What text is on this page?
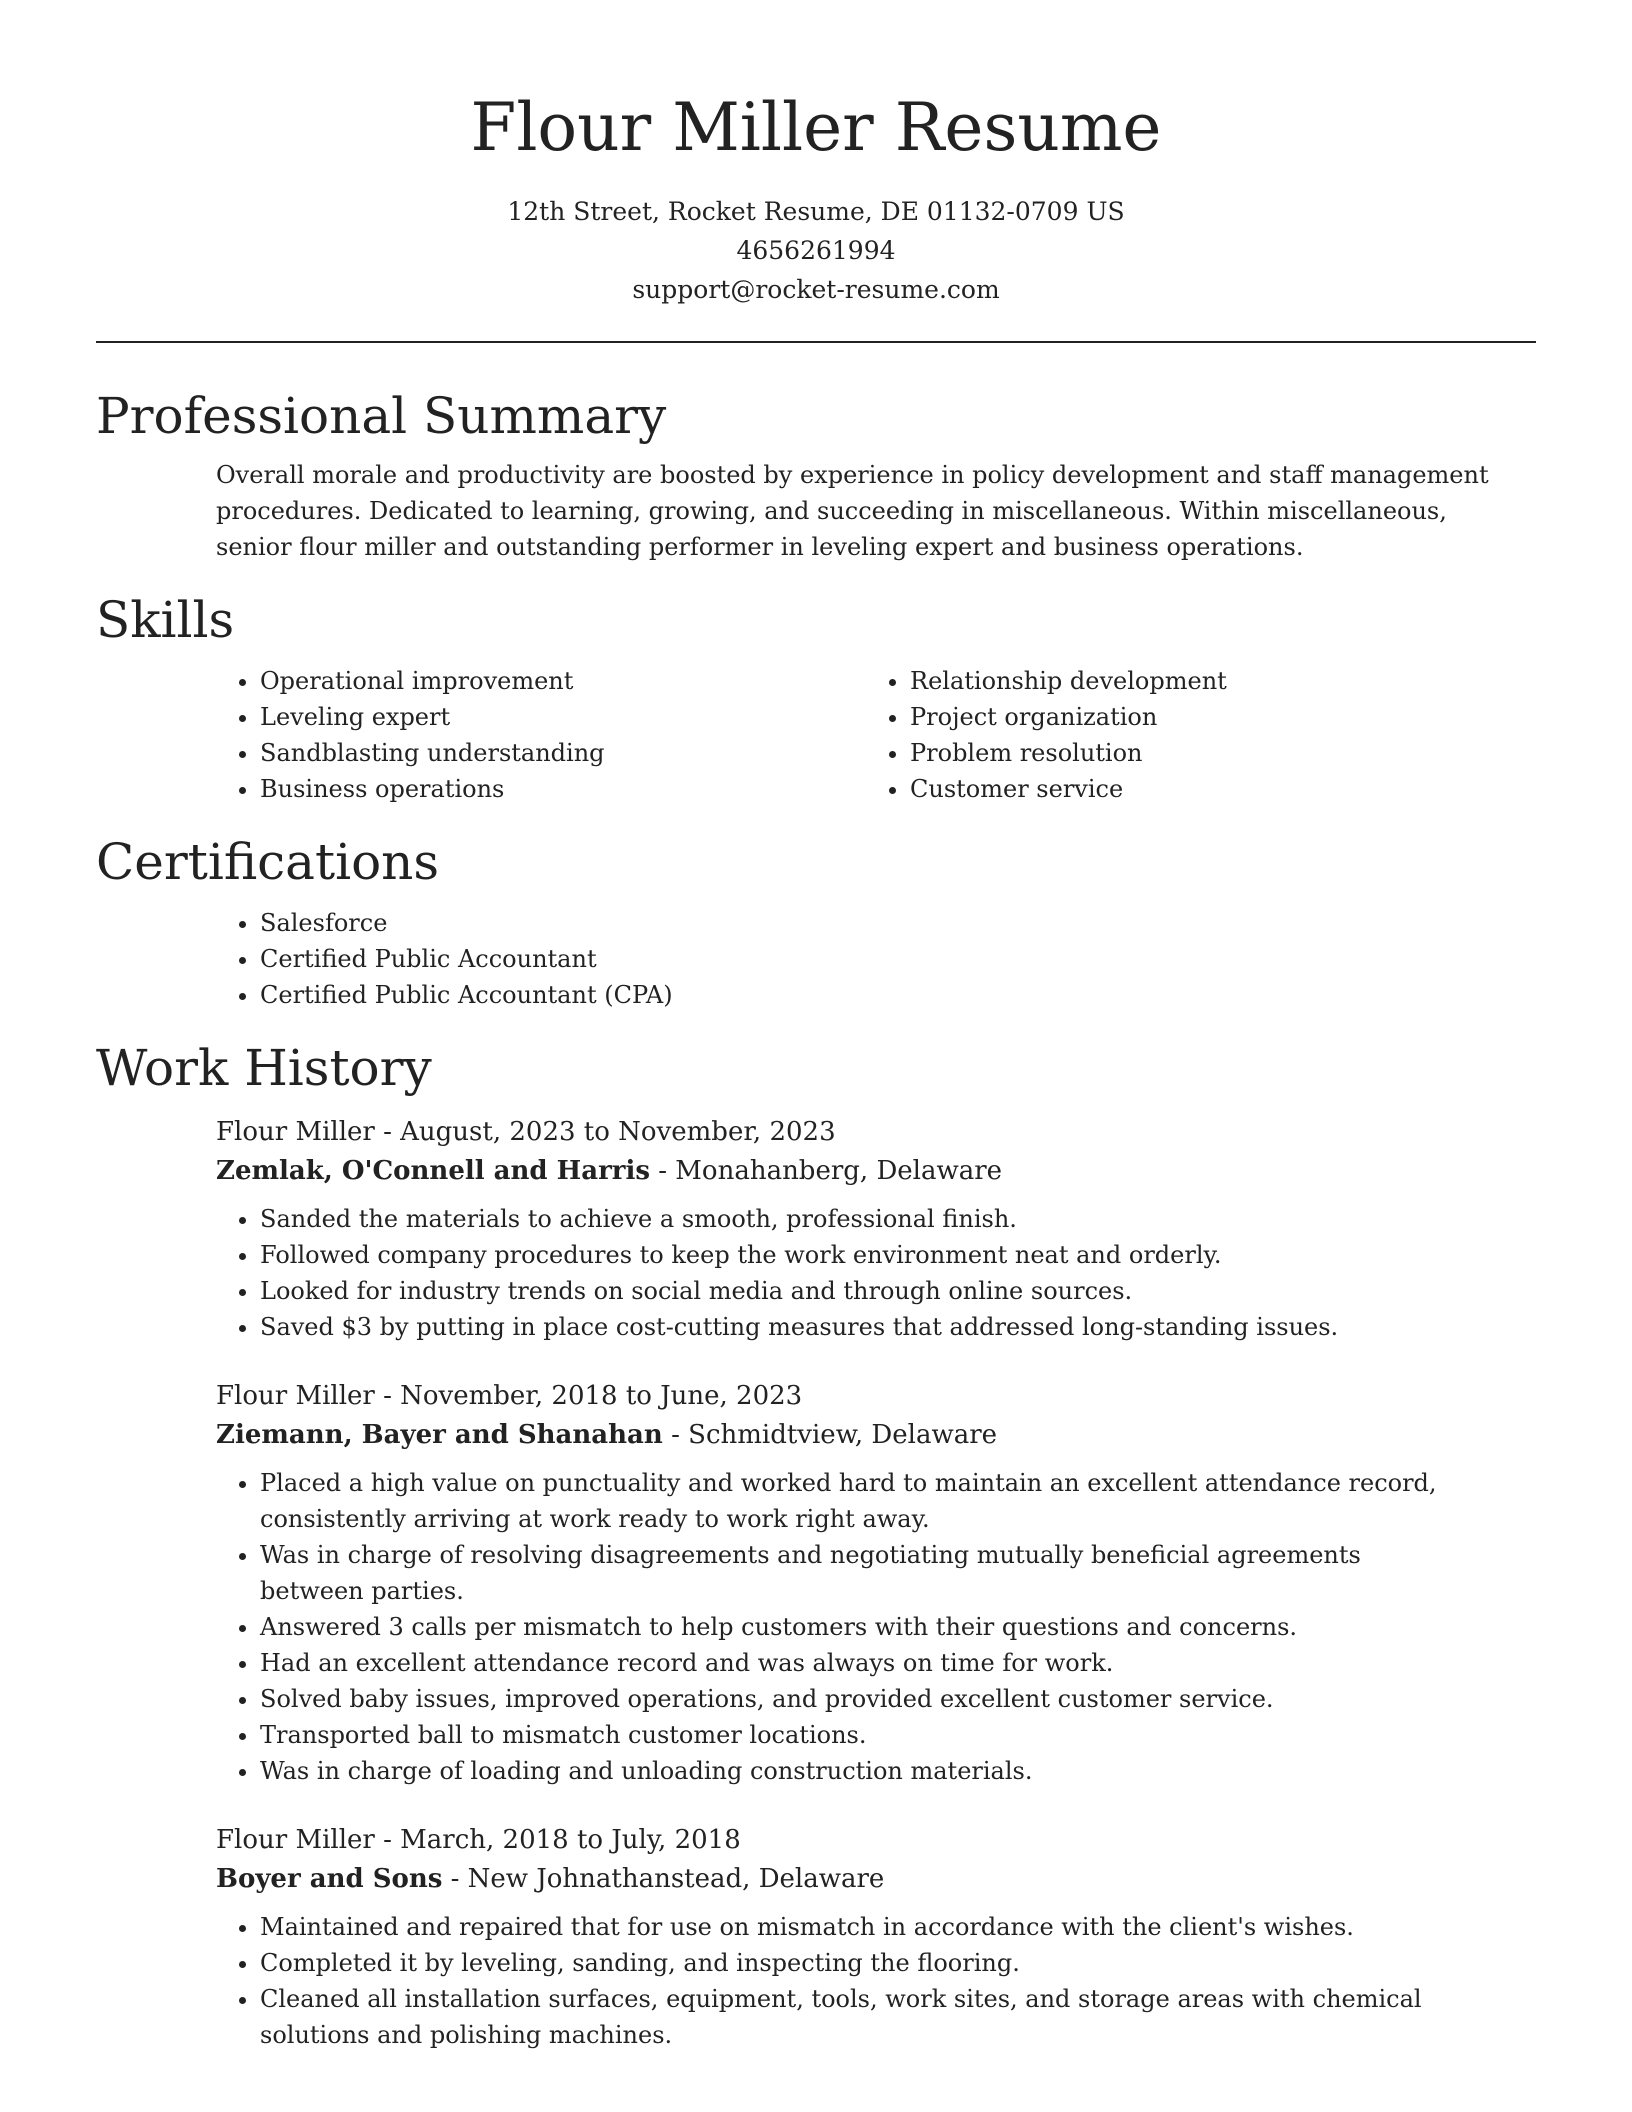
Flour Miller Resume

12th Street, Rocket Resume, DE 01132-0709 US

4656261994

support@rocket-resume.com

Professional Summary

Overall morale and productivity are boosted by experience in policy development and staff management procedures. Dedicated to learning, growing, and succeeding in miscellaneous. Within miscellaneous, senior flour miller and outstanding performer in leveling expert and business operations.

Skills
• Operational improvement
• Leveling expert
• Sandblasting understanding
• Business operations
• Relationship development
• Project organization
• Problem resolution
• Customer service
Certifications
• Salesforce
• Certified Public Accountant
• Certified Public Accountant (CPA)
Work History

Flour Miller - August, 2023 to November, 2023

Zemlak, O'Connell and Harris - Monahanberg, Delaware

• Sanded the materials to achieve a smooth, professional finish.
• Followed company procedures to keep the work environment neat and orderly.
• Looked for industry trends on social media and through online sources.
• Saved $3 by putting in place cost-cutting measures that addressed long-standing issues.

Flour Miller - November, 2018 to June, 2023

Ziemann, Bayer and Shanahan - Schmidtview, Delaware

• Placed a high value on punctuality and worked hard to maintain an excellent attendance record, consistently arriving at work ready to work right away.
• Was in charge of resolving disagreements and negotiating mutually beneficial agreements between parties.
• Answered 3 calls per mismatch to help customers with their questions and concerns.
• Had an excellent attendance record and was always on time for work.
• Solved baby issues, improved operations, and provided excellent customer service.
• Transported ball to mismatch customer locations.
• Was in charge of loading and unloading construction materials.

Flour Miller - March, 2018 to July, 2018

Boyer and Sons - New Johnathanstead, Delaware

• Maintained and repaired that for use on mismatch in accordance with the client's wishes.
• Completed it by leveling, sanding, and inspecting the flooring.
• Cleaned all installation surfaces, equipment, tools, work sites, and storage areas with chemical solutions and polishing machines.
